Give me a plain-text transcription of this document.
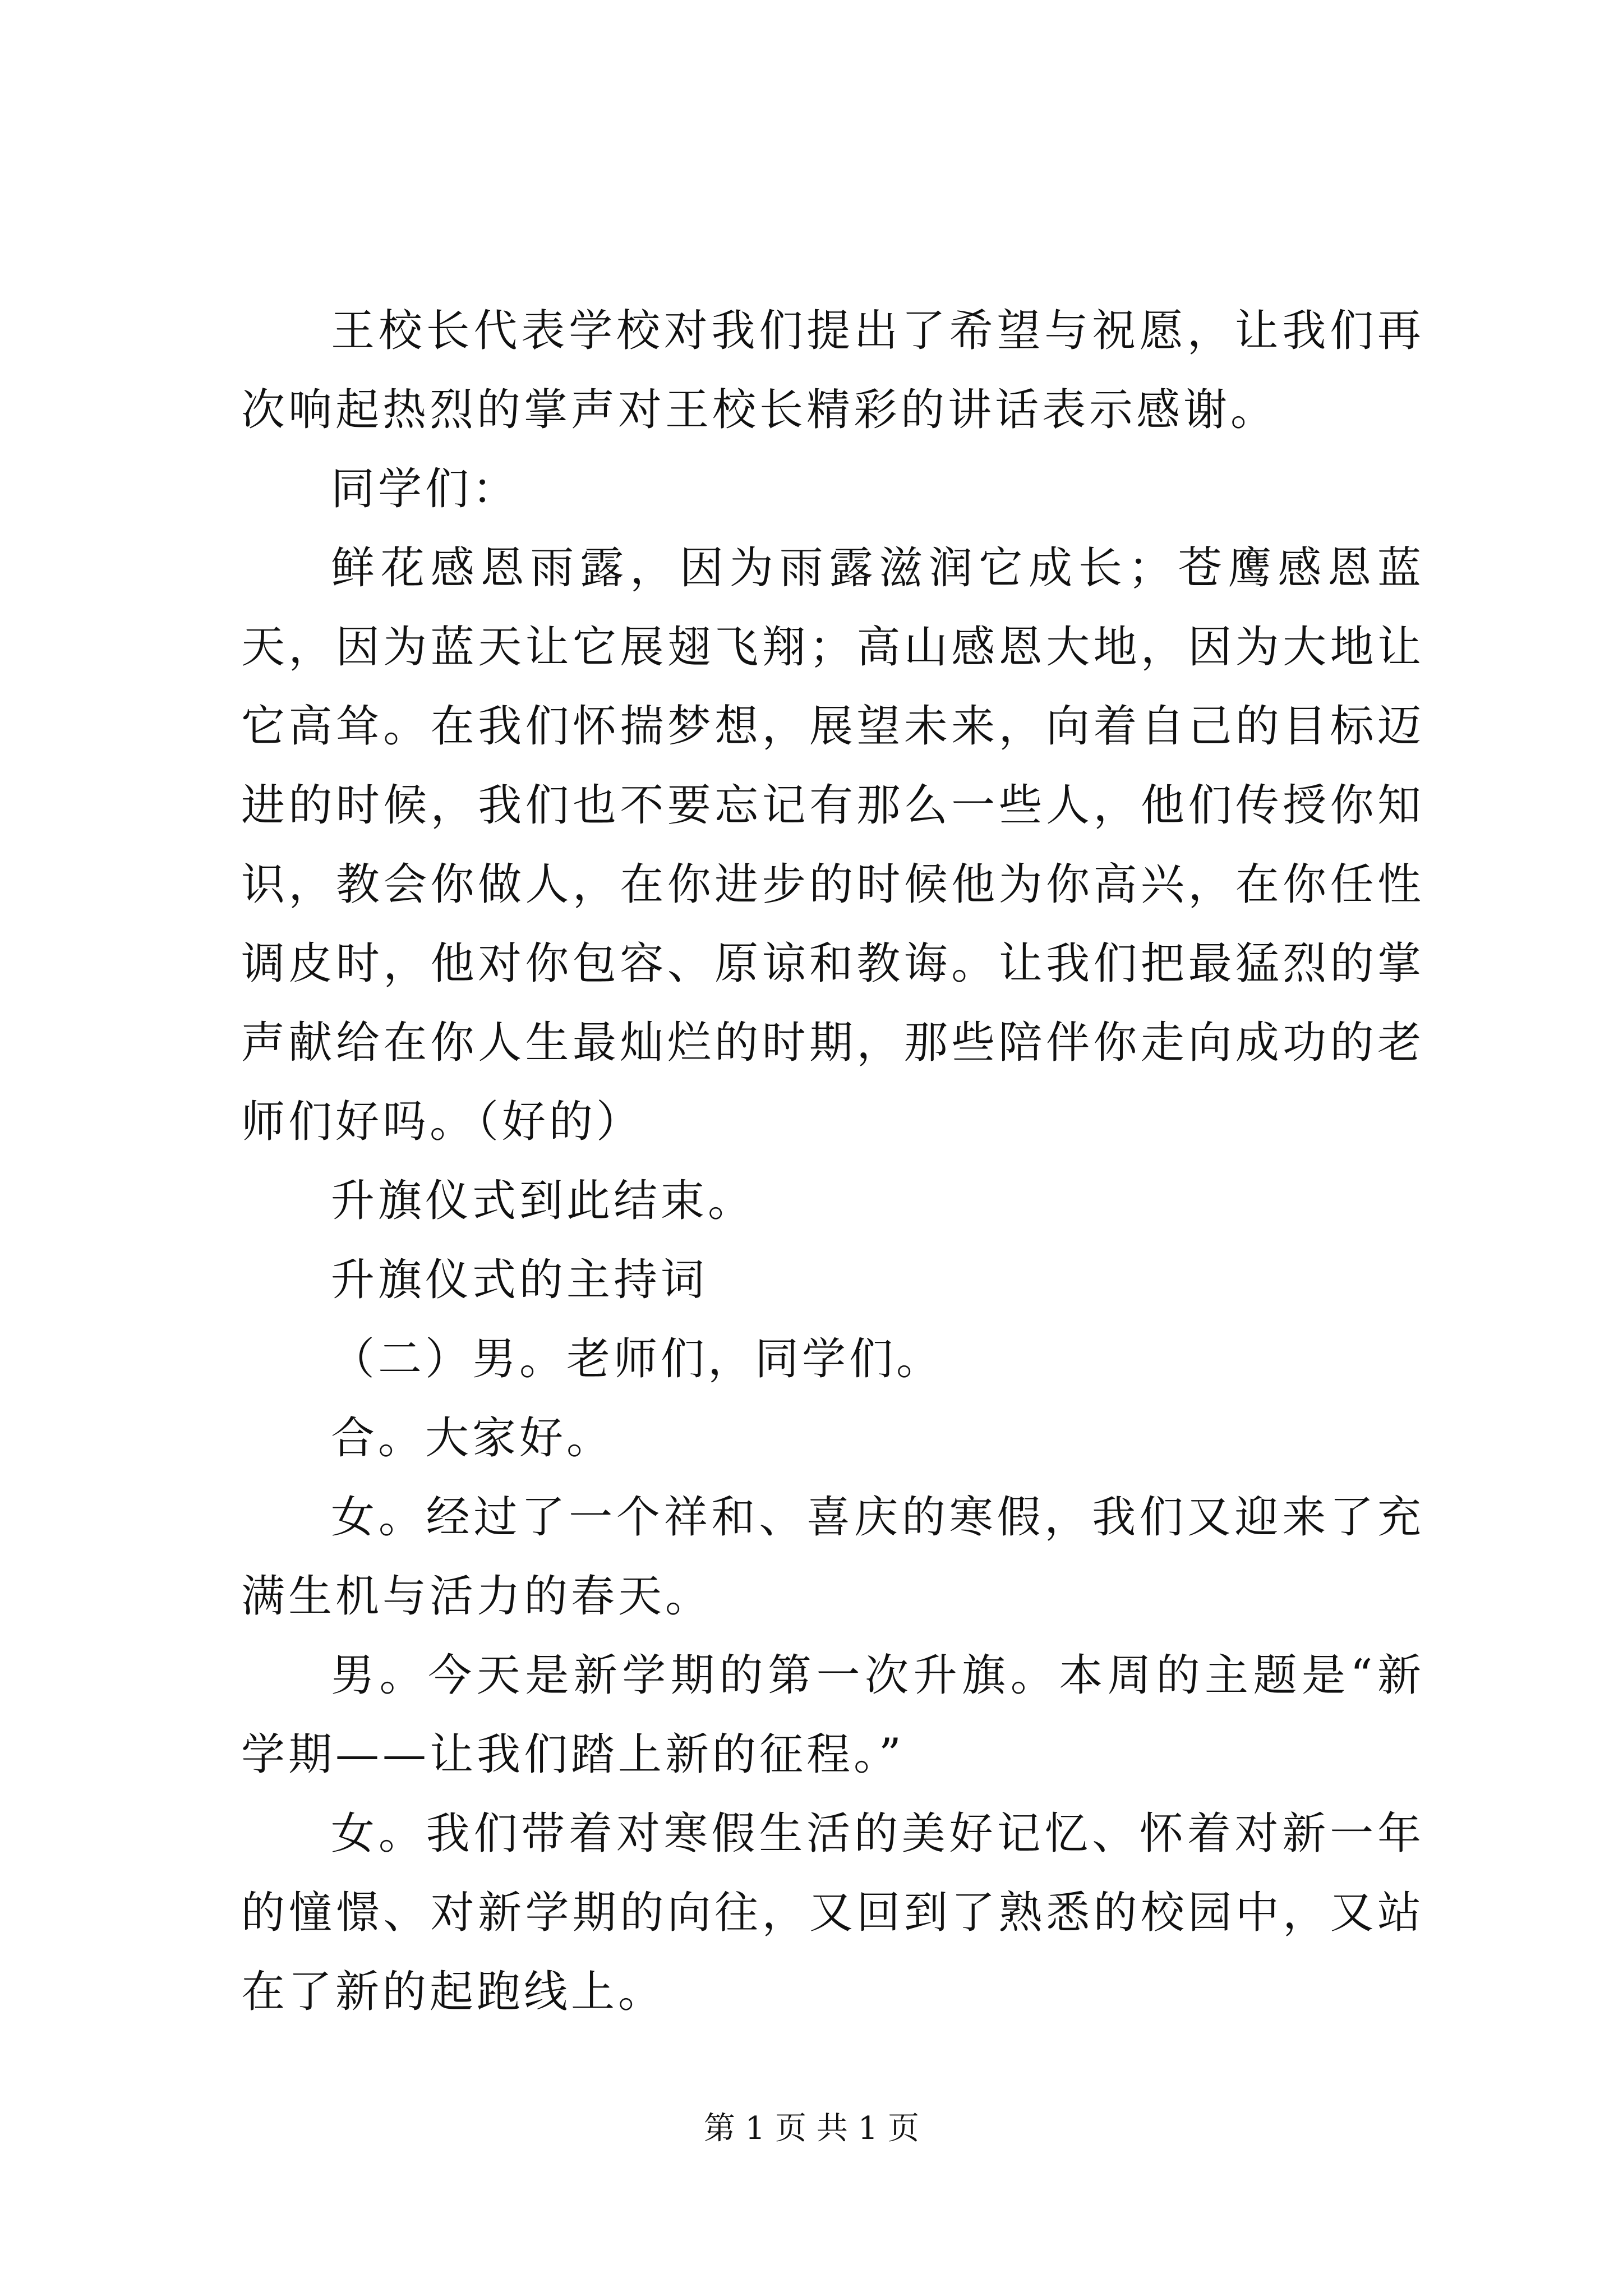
王校长代表学校对我们提出了希望与祝愿，让我们再次响起热烈的掌声对王校长精彩的讲话表示感谢。

同学们：

鲜花感恩雨露，因为雨露滋润它成长；苍鹰感恩蓝天，因为蓝天让它展翅飞翔；高山感恩大地，因为大地让它高耸。在我们怀揣梦想，展望未来，向着自己的目标迈进的时候，我们也不要忘记有那么一些人，他们传授你知识，教会你做人，在你进步的时候他为你高兴，在你任性调皮时，他对你包容、原谅和教诲。让我们把最猛烈的掌声献给在你人生最灿烂的时期，那些陪伴你走向成功的老师们好吗。（好的）

升旗仪式到此结束。

升旗仪式的主持词

（二）男。老师们，同学们。

合。大家好。

女。经过了一个祥和、喜庆的寒假，我们又迎来了充满生机与活力的春天。

男。今天是新学期的第一次升旗。本周的主题是“新学期——让我们踏上新的征程。”

女。我们带着对寒假生活的美好记忆、怀着对新一年的憧憬、对新学期的向往，又回到了熟悉的校园中，又站在了新的起跑线上。

第 1 页 共 1 页
